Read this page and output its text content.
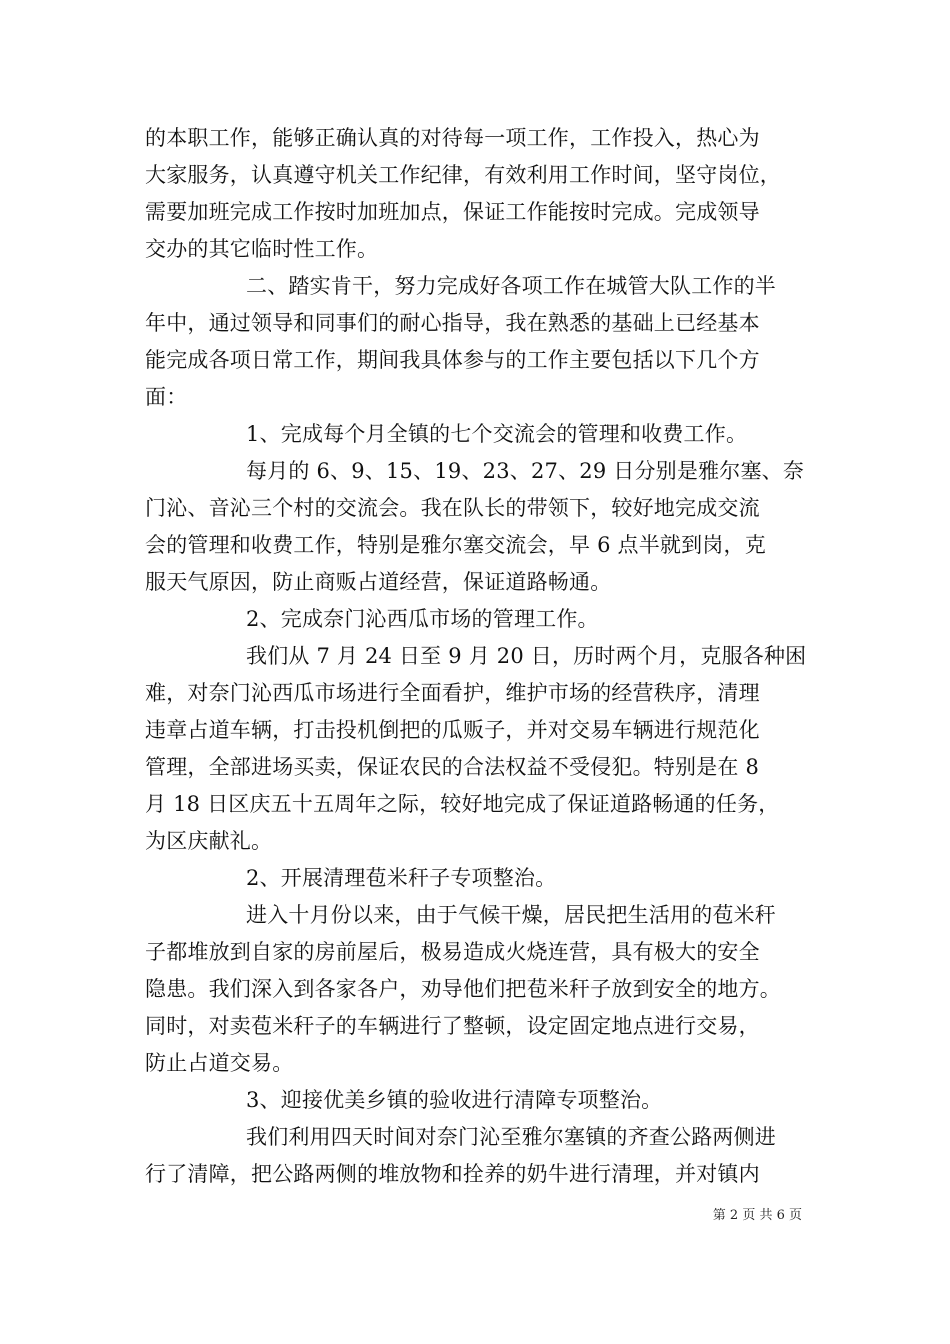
的本职工作，能够正确认真的对待每一项工作，工作投入，热心为
大家服务，认真遵守机关工作纪律，有效利用工作时间，坚守岗位，
需要加班完成工作按时加班加点，保证工作能按时完成。完成领导
交办的其它临时性工作。
二、踏实肯干，努力完成好各项工作在城管大队工作的半
年中，通过领导和同事们的耐心指导，我在熟悉的基础上已经基本
能完成各项日常工作，期间我具体参与的工作主要包括以下几个方
面：
1、完成每个月全镇的七个交流会的管理和收费工作。
每月的 6、9、15、19、23、27、29 日分别是雅尔塞、奈
门沁、音沁三个村的交流会。我在队长的带领下，较好地完成交流
会的管理和收费工作，特别是雅尔塞交流会，早 6 点半就到岗，克
服天气原因，防止商贩占道经营，保证道路畅通。
2、完成奈门沁西瓜市场的管理工作。
我们从 7 月 24 日至 9 月 20 日，历时两个月，克服各种困
难，对奈门沁西瓜市场进行全面看护，维护市场的经营秩序，清理
违章占道车辆，打击投机倒把的瓜贩子，并对交易车辆进行规范化
管理，全部进场买卖，保证农民的合法权益不受侵犯。特别是在 8
月 18 日区庆五十五周年之际，较好地完成了保证道路畅通的任务，
为区庆献礼。
2、开展清理苞米秆子专项整治。
进入十月份以来，由于气候干燥，居民把生活用的苞米秆
子都堆放到自家的房前屋后，极易造成火烧连营，具有极大的安全
隐患。我们深入到各家各户，劝导他们把苞米秆子放到安全的地方。
同时，对卖苞米秆子的车辆进行了整顿，设定固定地点进行交易，
防止占道交易。
3、迎接优美乡镇的验收进行清障专项整治。
我们利用四天时间对奈门沁至雅尔塞镇的齐查公路两侧进
行了清障，把公路两侧的堆放物和拴养的奶牛进行清理，并对镇内
第 2 页 共 6 页
